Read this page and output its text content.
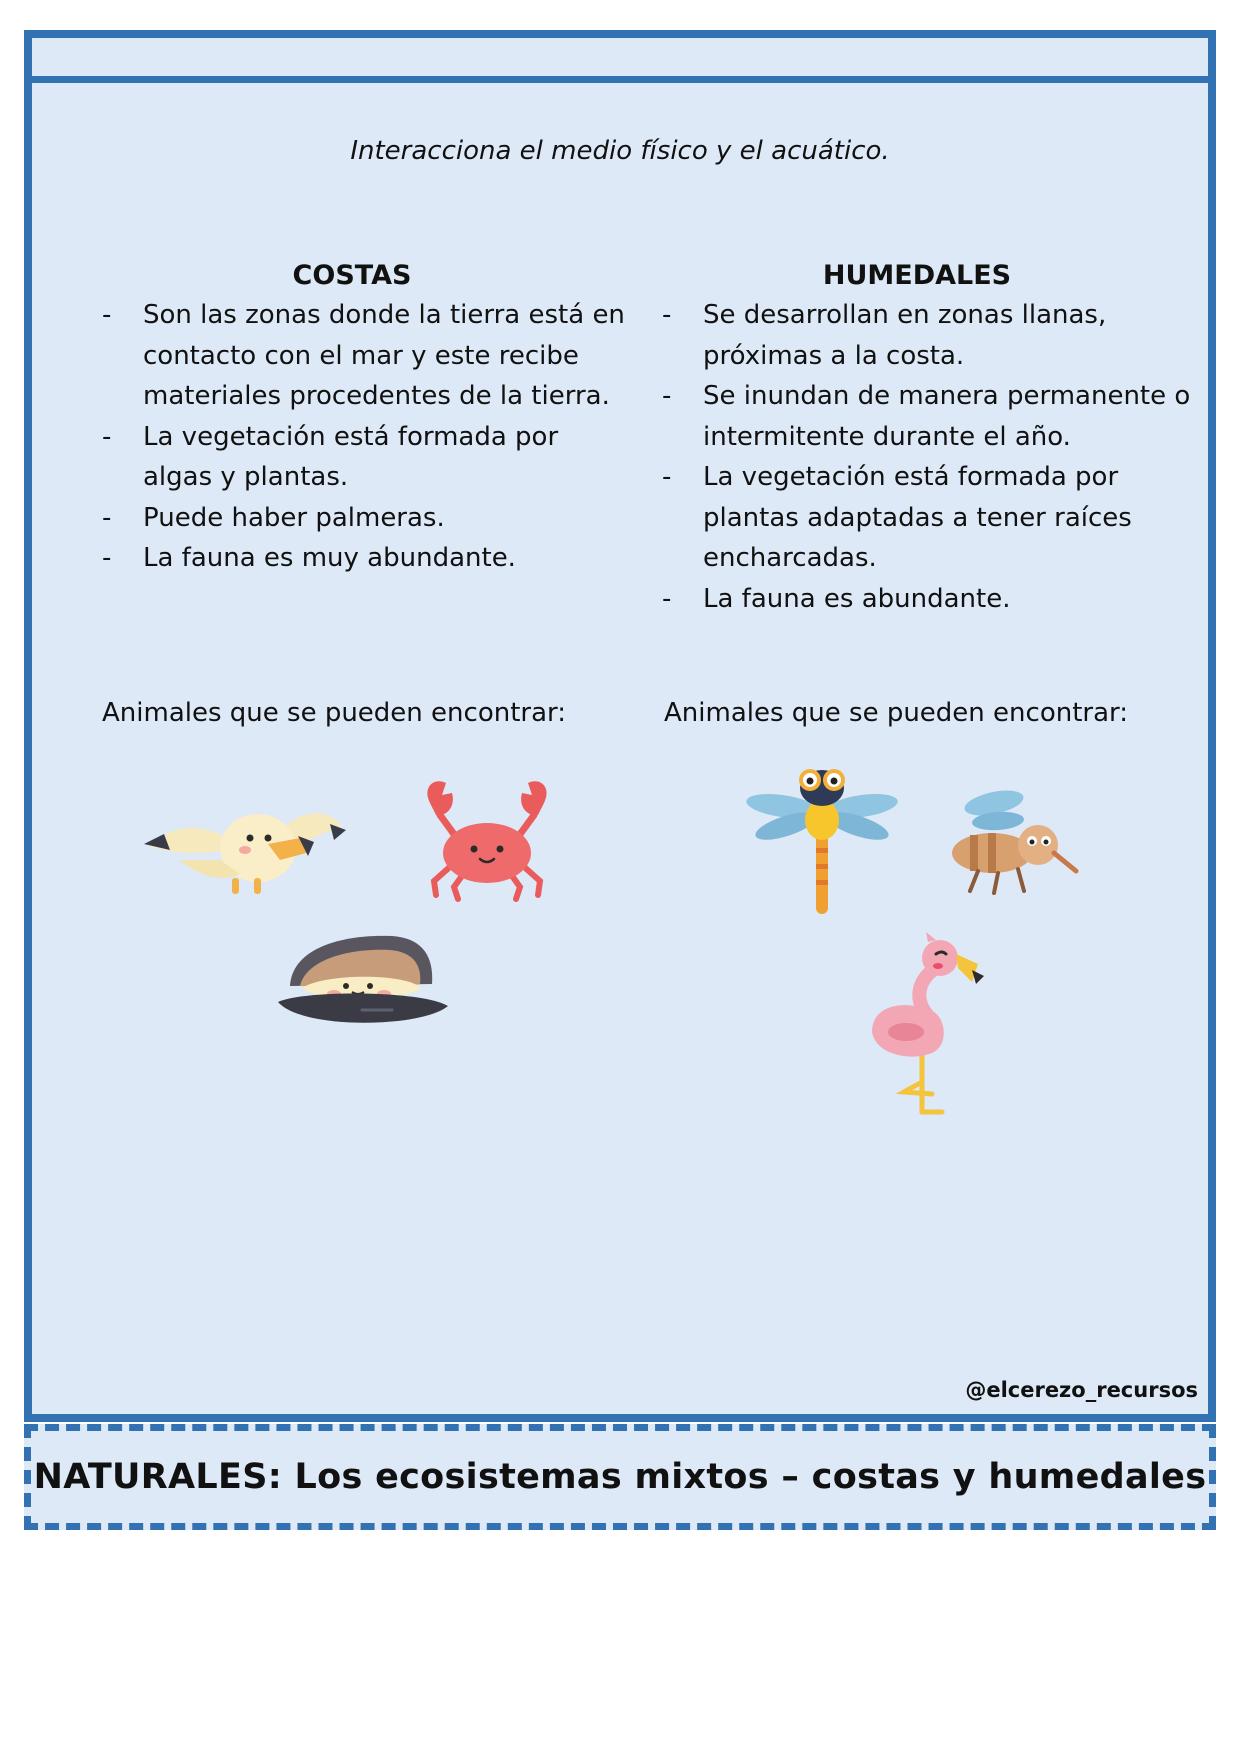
Interacciona el medio físico y el acuático.
COSTAS
- Son las zonas donde la tierra está en contacto con el mar y este recibe materiales procedentes de la tierra.
- La vegetación está formada por algas y plantas.
- Puede haber palmeras.
- La fauna es muy abundante.
HUMEDALES
- Se desarrollan en zonas llanas, próximas a la costa.
- Se inundan de manera permanente o intermitente durante el año.
- La vegetación está formada por plantas adaptadas a tener raíces encharcadas.
- La fauna es abundante.
Animales que se pueden encontrar:	Animales que se pueden encontrar:
@elcerezo_recursos
NATURALES: Los ecosistemas mixtos – costas y humedales
